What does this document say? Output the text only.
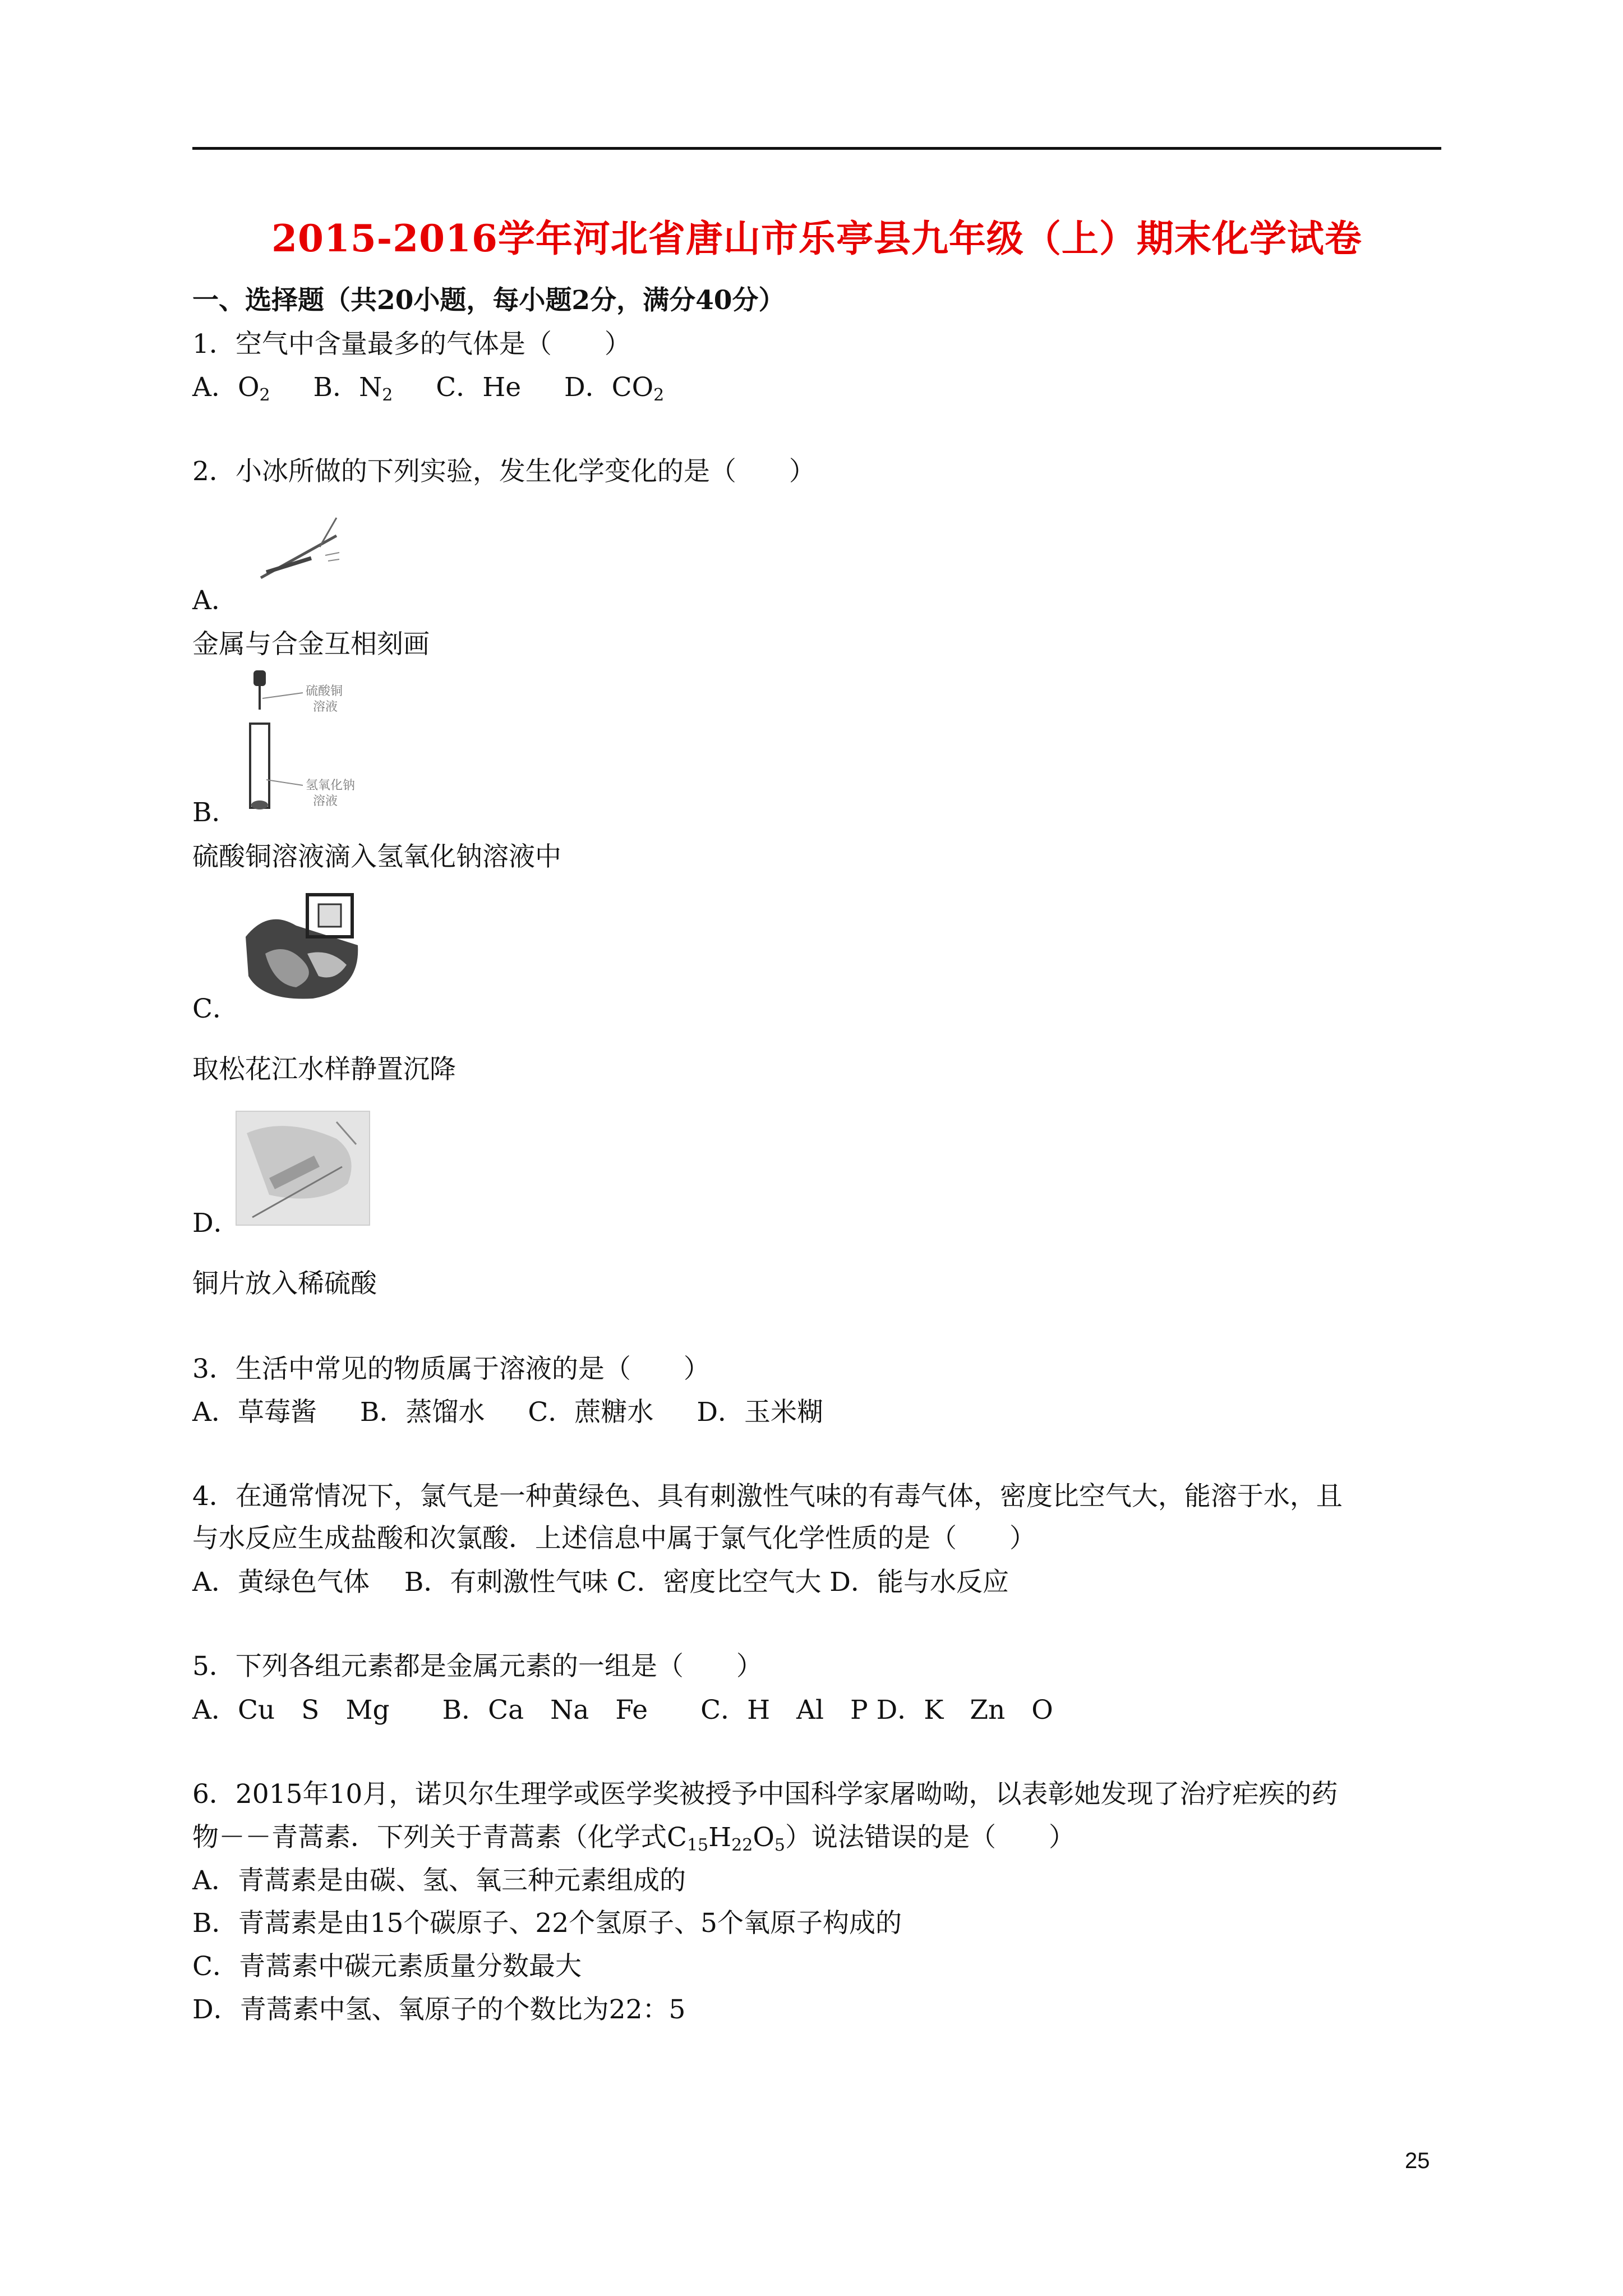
2015-2016学年河北省唐山市乐亭县九年级（上）期末化学试卷
一、选择题（共20小题，每小题2分，满分40分）
1．空气中含量最多的气体是（　　）
A．$O_2$ B．$N_2$ C．He D．$CO_2$
2．小冰所做的下列实验，发生化学变化的是（　　）
A．
金属与合金互相刻画
硫酸铜
溶液
氢氧化钠
溶液
B．
硫酸铜溶液滴入氢氧化钠溶液中
C．
取松花江水样静置沉降
D．
铜片放入稀硫酸
3．生活中常见的物质属于溶液的是（　　）
A．草莓酱 B．蒸馏水 C．蔗糖水 D．玉米糊
4．在通常情况下，氯气是一种黄绿色、具有刺激性气味的有毒气体，密度比空气大，能溶于水，且
与水反应生成盐酸和次氯酸．上述信息中属于氯气化学性质的是（　　）
A．黄绿色气体　 B．有刺激性气味 C．密度比空气大 D．能与水反应
5．下列各组元素都是金属元素的一组是（　　）
A．Cu　S　Mg　　B．Ca　Na　Fe　　C．H　Al　P D．K　Zn　O
6．2015年10月，诺贝尔生理学或医学奖被授予中国科学家屠呦呦，以表彰她发现了治疗疟疾的药
物－－青蒿素．下列关于青蒿素（化学式$C_{15}H_{22}O_5$）说法错误的是（　　）
A．青蒿素是由碳、氢、氧三种元素组成的
B．青蒿素是由15个碳原子、22个氢原子、5个氧原子构成的
C．青蒿素中碳元素质量分数最大
D．青蒿素中氢、氧原子的个数比为22：5
25
